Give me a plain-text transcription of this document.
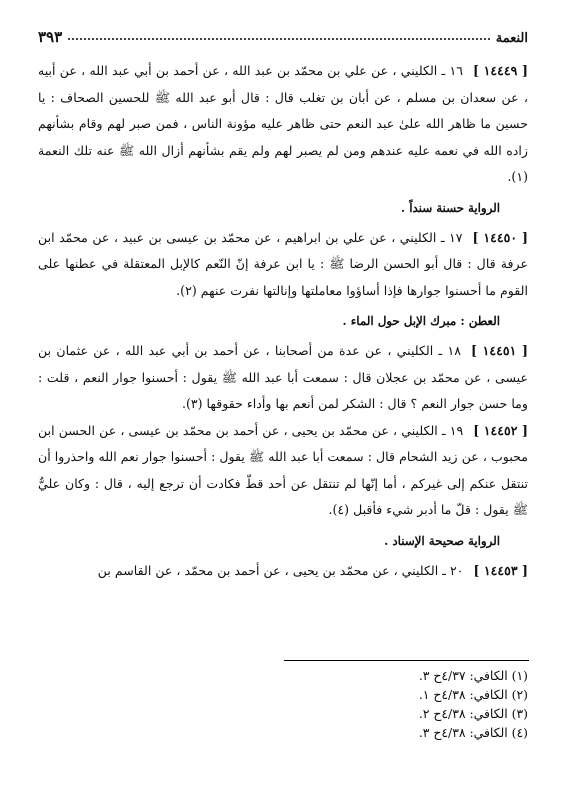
النعمة
٣٩٣

[ ١٤٤٤٩ ]١٦ ـ الكليني ، عن علي بن محمّد بن عبد الله ، عن أحمد بن أبي عبد الله ، عن أبيه ، عن سعدان بن مسلم ، عن أبان بن تغلب قال : قال أبو عبد الله ﷺ للحسين الصحاف : يا حسين ما ظاهر الله علىٰ عبد النعم حتى ظاهر عليه مؤونة الناس ، فمن صبر لهم وقام بشأنهم زاده الله في نعمه عليه عندهم ومن لم يصبر لهم ولم يقم بشأنهم أزال الله ﷺ عنه تلك النعمة (١).

الرواية حسنة سنداً .

[ ١٤٤٥٠ ]١٧ ـ الكليني ، عن علي بن ابراهيم ، عن محمّد بن عيسى بن عبيد ، عن محمّد ابن عرفة قال : قال أبو الحسن الرضا ﷺ : يا ابن عرفة إنّ النّعم كالإبل المعتقلة في عطنها على القوم ما أحسنوا جوارها فإذا أساؤوا معاملتها وإنالتها نفرت عنهم (٢).

العطن : مبرك الإبل حول الماء .

[ ١٤٤٥١ ]١٨ ـ الكليني ، عن عدة من أصحابنا ، عن أحمد بن أبي عبد الله ، عن عثمان بن عيسى ، عن محمّد بن عجلان قال : سمعت أبا عبد الله ﷺ يقول : أحسنوا جوار النعم ، قلت : وما حسن جوار النعم ؟ قال : الشكر لمن أنعم بها وأداء حقوقها (٣).

[ ١٤٤٥٢ ]١٩ ـ الكليني ، عن محمّد بن يحيى ، عن أحمد بن محمّد بن عيسى ، عن الحسن ابن محبوب ، عن زيد الشحام قال : سمعت أبا عبد الله ﷺ يقول : أحسنوا جوار نعم الله واحذروا أن تنتقل عنكم إلى غيركم ، أما إنّها لم تنتقل عن أحد قطّ فكادت أن ترجع إليه ، قال : وكان عليٌّ ﷺ يقول : قلّ ما أدبر شيء فأقبل (٤).

الرواية صحيحة الإسناد .

[ ١٤٤٥٣ ]٢٠ ـ الكليني ، عن محمّد بن يحيى ، عن أحمد بن محمّد ، عن القاسم بن

(١) الكافي: ٤/٣٧ح ٣.

(٢) الكافي: ٤/٣٨ح ١.

(٣) الكافي: ٤/٣٨ح ٢.

(٤) الكافي: ٤/٣٨ح ٣.
